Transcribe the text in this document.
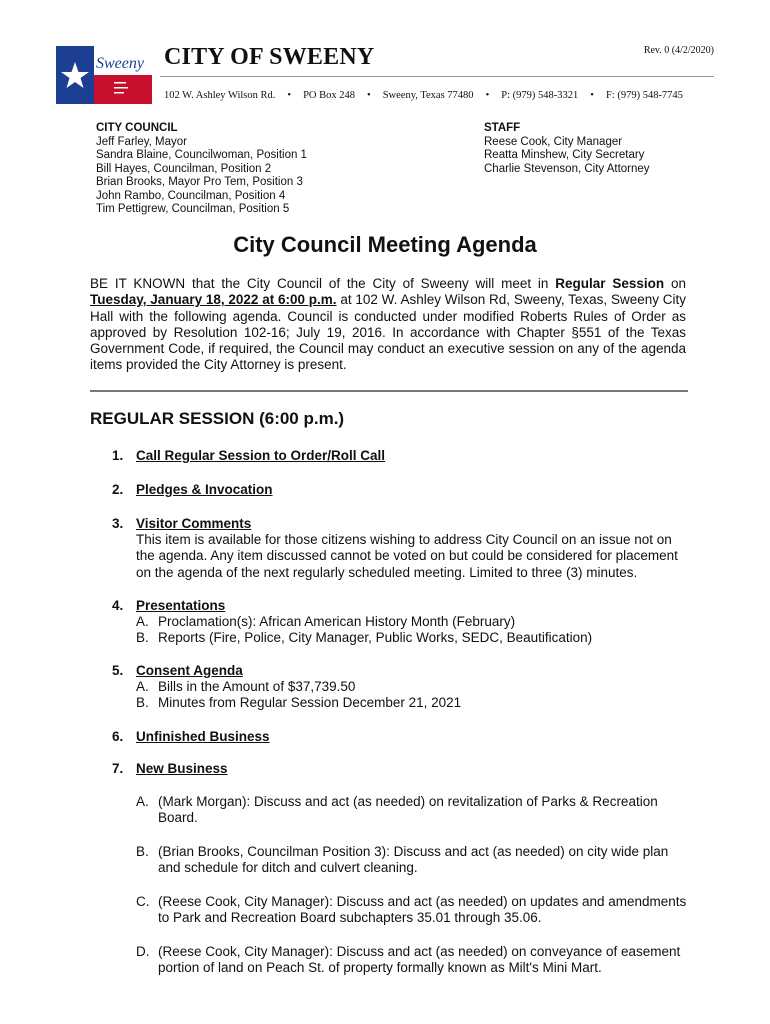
Sweeny CITY OF SWEENY	Rev. 0 (4/2/2020)
102 W. Ashley Wilson Rd. • PO Box 248 • Sweeny, Texas 77480 • P: (979) 548-3321 • F: (979) 548-7745
CITY COUNCIL
Jeff Farley, Mayor
Sandra Blaine, Councilwoman, Position 1
Bill Hayes, Councilman, Position 2
Brian Brooks, Mayor Pro Tem, Position 3
John Rambo, Councilman, Position 4
Tim Pettigrew, Councilman, Position 5
STAFF
Reese Cook, City Manager
Reatta Minshew, City Secretary
Charlie Stevenson, City Attorney
City Council Meeting Agenda
BE IT KNOWN that the City Council of the City of Sweeny will meet in Regular Session on Tuesday, January 18, 2022 at 6:00 p.m. at 102 W. Ashley Wilson Rd, Sweeny, Texas, Sweeny City Hall with the following agenda. Council is conducted under modified Roberts Rules of Order as approved by Resolution 102-16; July 19, 2016. In accordance with Chapter §551 of the Texas Government Code, if required, the Council may conduct an executive session on any of the agenda items provided the City Attorney is present.
REGULAR SESSION (6:00 p.m.)
1. Call Regular Session to Order/Roll Call
2. Pledges & Invocation
3. Visitor Comments
This item is available for those citizens wishing to address City Council on an issue not on the agenda. Any item discussed cannot be voted on but could be considered for placement on the agenda of the next regularly scheduled meeting. Limited to three (3) minutes.
4. Presentations
A. Proclamation(s): African American History Month (February)
B. Reports (Fire, Police, City Manager, Public Works, SEDC, Beautification)
5. Consent Agenda
A. Bills in the Amount of $37,739.50
B. Minutes from Regular Session December 21, 2021
6. Unfinished Business
7. New Business
A. (Mark Morgan): Discuss and act (as needed) on revitalization of Parks & Recreation Board.
B. (Brian Brooks, Councilman Position 3): Discuss and act (as needed) on city wide plan and schedule for ditch and culvert cleaning.
C. (Reese Cook, City Manager): Discuss and act (as needed) on updates and amendments to Park and Recreation Board subchapters 35.01 through 35.06.
D. (Reese Cook, City Manager): Discuss and act (as needed) on conveyance of easement portion of land on Peach St. of property formally known as Milt's Mini Mart.
